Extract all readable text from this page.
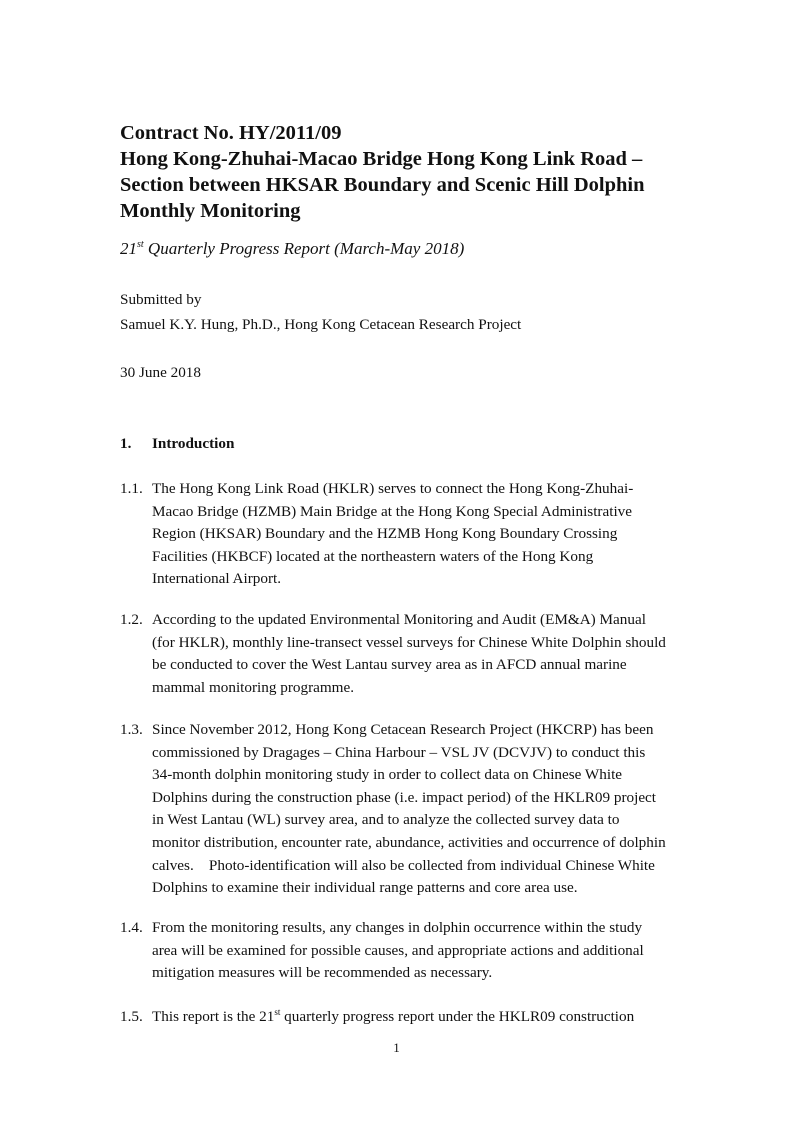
Contract No. HY/2011/09

Hong Kong-Zhuhai-Macao Bridge Hong Kong Link Road –

Section between HKSAR Boundary and Scenic Hill Dolphin

Monthly Monitoring

21st Quarterly Progress Report (March-May 2018)
Submitted by
Samuel K.Y. Hung, Ph.D., Hong Kong Cetacean Research Project
30 June 2018
1. Introduction
1.1. The Hong Kong Link Road (HKLR) serves to connect the Hong Kong-Zhuhai-
Macao Bridge (HZMB) Main Bridge at the Hong Kong Special Administrative
Region (HKSAR) Boundary and the HZMB Hong Kong Boundary Crossing
Facilities (HKBCF) located at the northeastern waters of the Hong Kong
International Airport.
1.2. According to the updated Environmental Monitoring and Audit (EM&A) Manual
(for HKLR), monthly line-transect vessel surveys for Chinese White Dolphin should
be conducted to cover the West Lantau survey area as in AFCD annual marine
mammal monitoring programme.
1.3. Since November 2012, Hong Kong Cetacean Research Project (HKCRP) has been
commissioned by Dragages – China Harbour – VSL JV (DCVJV) to conduct this
34-month dolphin monitoring study in order to collect data on Chinese White
Dolphins during the construction phase (i.e. impact period) of the HKLR09 project
in West Lantau (WL) survey area, and to analyze the collected survey data to
monitor distribution, encounter rate, abundance, activities and occurrence of dolphin
calves.    Photo-identification will also be collected from individual Chinese White
Dolphins to examine their individual range patterns and core area use.
1.4. From the monitoring results, any changes in dolphin occurrence within the study
area will be examined for possible causes, and appropriate actions and additional
mitigation measures will be recommended as necessary.
1.5. This report is the 21st quarterly progress report under the HKLR09 construction
1
